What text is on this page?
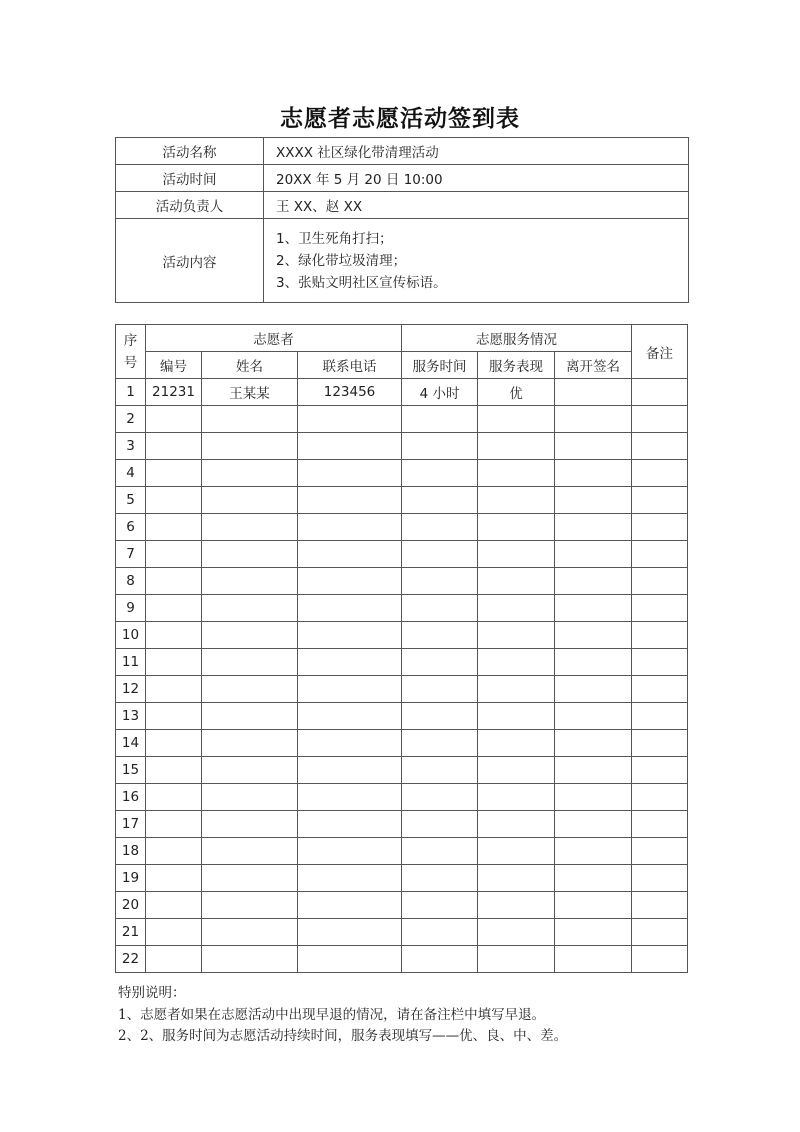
志愿者志愿活动签到表
活动名称	XXXX 社区绿化带清理活动
活动时间	20XX 年 5 月 20 日 10:00
活动负责人	王 XX、赵 XX
活动内容	1、卫生死角打扫；
2、绿化带垃圾清理；
3、张贴文明社区宣传标语。
序
号	志愿者			志愿服务情况			备注
	编号	姓名	联系电话	服务时间	服务表现	离开签名	
1	21231	王某某	123456	4 小时	优		
2							
3							
4							
5							
6							
7							
8							
9							
10							
11							
12							
13							
14							
15							
16							
17							
18							
19							
20							
21							
22							
特别说明：
1、志愿者如果在志愿活动中出现早退的情况，请在备注栏中填写早退。
2、2、服务时间为志愿活动持续时间，服务表现填写——优、良、中、差。
